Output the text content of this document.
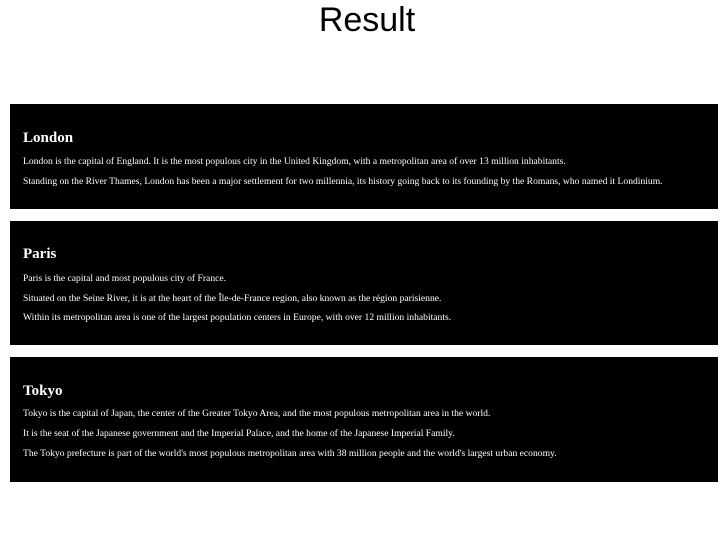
Result
London

London is the capital of England. It is the most populous city in the United Kingdom, with a metropolitan area of over 13 million inhabitants.

Standing on the River Thames, London has been a major settlement for two millennia, its history going back to its founding by the Romans, who named it Londinium.

Paris

Paris is the capital and most populous city of France.

Situated on the Seine River, it is at the heart of the Île-de-France region, also known as the région parisienne.

Within its metropolitan area is one of the largest population centers in Europe, with over 12 million inhabitants.

Tokyo

Tokyo is the capital of Japan, the center of the Greater Tokyo Area, and the most populous metropolitan area in the world.

It is the seat of the Japanese government and the Imperial Palace, and the home of the Japanese Imperial Family.

The Tokyo prefecture is part of the world's most populous metropolitan area with 38 million people and the world's largest urban economy.
